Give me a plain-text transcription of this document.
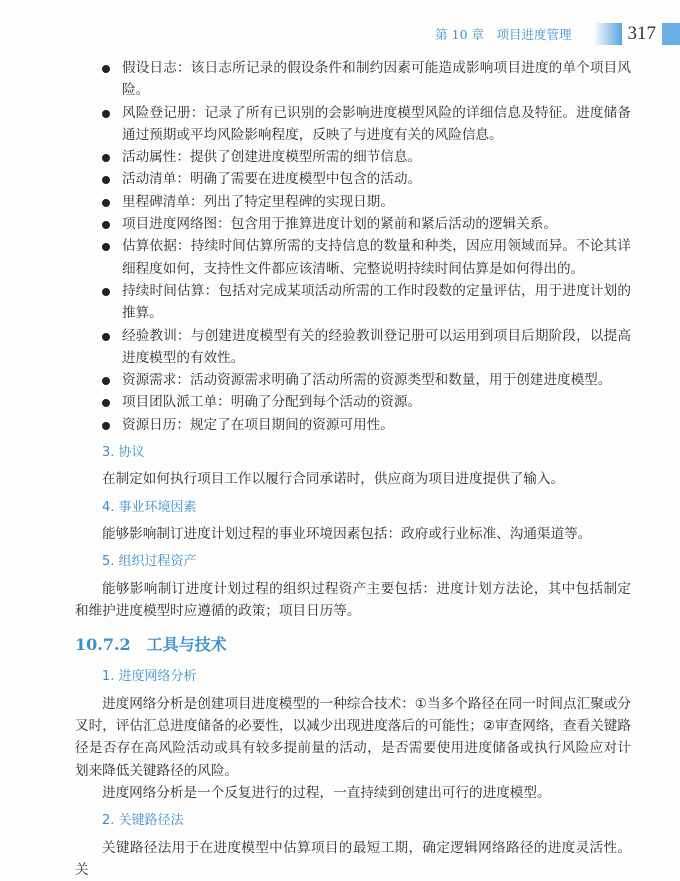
第 10 章　项目进度管理	317
假设日志：该日志所记录的假设条件和制约因素可能造成影响项目进度的单个项目风险。
风险登记册：记录了所有已识别的会影响进度模型风险的详细信息及特征。进度储备通过预期或平均风险影响程度，反映了与进度有关的风险信息。
活动属性：提供了创建进度模型所需的细节信息。
活动清单：明确了需要在进度模型中包含的活动。
里程碑清单：列出了特定里程碑的实现日期。
项目进度网络图：包含用于推算进度计划的紧前和紧后活动的逻辑关系。
估算依据：持续时间估算所需的支持信息的数量和种类，因应用领域而异。不论其详细程度如何，支持性文件都应该清晰、完整说明持续时间估算是如何得出的。
持续时间估算：包括对完成某项活动所需的工作时段数的定量评估，用于进度计划的推算。
经验教训：与创建进度模型有关的经验教训登记册可以运用到项目后期阶段，以提高进度模型的有效性。
资源需求：活动资源需求明确了活动所需的资源类型和数量，用于创建进度模型。
项目团队派工单：明确了分配到每个活动的资源。
资源日历：规定了在项目期间的资源可用性。
3. 协议

在制定如何执行项目工作以履行合同承诺时，供应商为项目进度提供了输入。

4. 事业环境因素

能够影响制订进度计划过程的事业环境因素包括：政府或行业标准、沟通渠道等。

5. 组织过程资产

能够影响制订进度计划过程的组织过程资产主要包括：进度计划方法论，其中包括制定和维护进度模型时应遵循的政策；项目日历等。

10.7.2 工具与技术
1. 进度网络分析

进度网络分析是创建项目进度模型的一种综合技术：①当多个路径在同一时间点汇聚或分叉时，评估汇总进度储备的必要性，以减少出现进度落后的可能性；②审查网络，查看关键路径是否存在高风险活动或具有较多提前量的活动，是否需要使用进度储备或执行风险应对计划来降低关键路径的风险。

进度网络分析是一个反复进行的过程，一直持续到创建出可行的进度模型。

2. 关键路径法

关键路径法用于在进度模型中估算项目的最短工期，确定逻辑网络路径的进度灵活性。关
